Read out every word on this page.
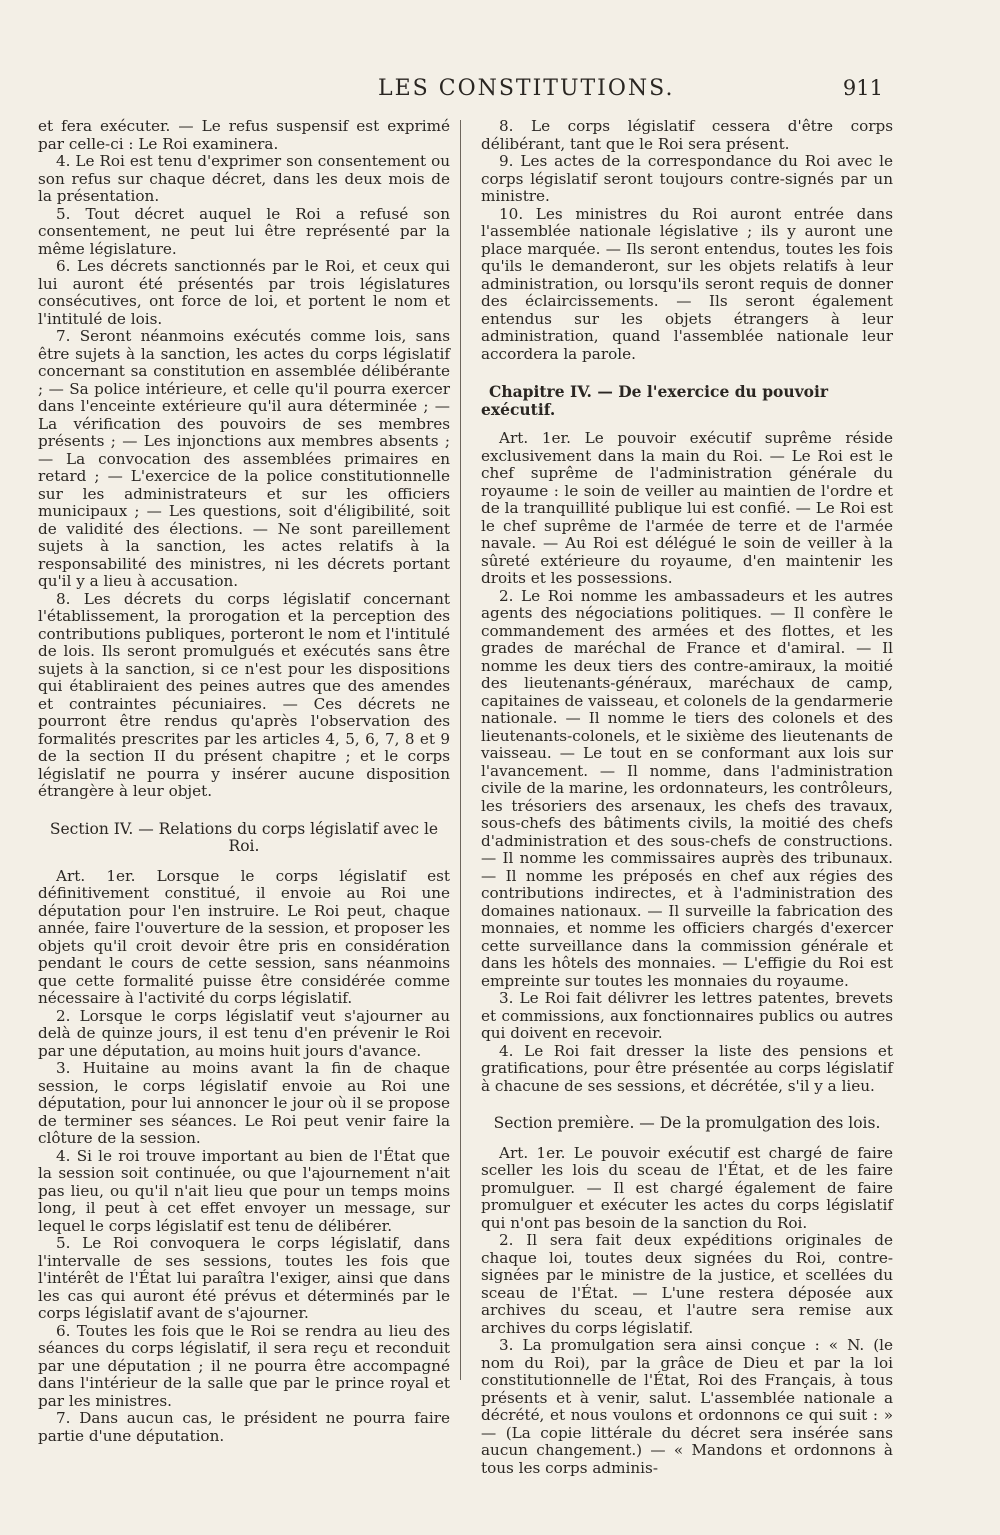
LES CONSTITUTIONS.	911

et fera exécuter. — Le refus suspensif est exprimé par celle-ci : Le Roi examinera.

4. Le Roi est tenu d'exprimer son consentement ou son refus sur chaque décret, dans les deux mois de la présentation.

5. Tout décret auquel le Roi a refusé son consentement, ne peut lui être représenté par la même législature.

6. Les décrets sanctionnés par le Roi, et ceux qui lui auront été présentés par trois législatures consécutives, ont force de loi, et portent le nom et l'intitulé de lois.

7. Seront néanmoins exécutés comme lois, sans être sujets à la sanction, les actes du corps législatif concernant sa constitution en assemblée délibérante ; — Sa police intérieure, et celle qu'il pourra exercer dans l'enceinte extérieure qu'il aura déterminée ; — La vérification des pouvoirs de ses membres présents ; — Les injonctions aux membres absents ; — La convocation des assemblées primaires en retard ; — L'exercice de la police constitutionnelle sur les administrateurs et sur les officiers municipaux ; — Les questions, soit d'éligibilité, soit de validité des élections. — Ne sont pareillement sujets à la sanction, les actes relatifs à la responsabilité des ministres, ni les décrets portant qu'il y a lieu à accusation.

8. Les décrets du corps législatif concernant l'établissement, la prorogation et la perception des contributions publiques, porteront le nom et l'intitulé de lois. Ils seront promulgués et exécutés sans être sujets à la sanction, si ce n'est pour les dispositions qui établiraient des peines autres que des amendes et contraintes pécuniaires. — Ces décrets ne pourront être rendus qu'après l'observation des formalités prescrites par les articles 4, 5, 6, 7, 8 et 9 de la section II du présent chapitre ; et le corps législatif ne pourra y insérer aucune disposition étrangère à leur objet.

Section IV. — Relations du corps législatif avec le Roi.

Art. 1er. Lorsque le corps législatif est définitivement constitué, il envoie au Roi une députation pour l'en instruire. Le Roi peut, chaque année, faire l'ouverture de la session, et proposer les objets qu'il croit devoir être pris en considération pendant le cours de cette session, sans néanmoins que cette formalité puisse être considérée comme nécessaire à l'activité du corps législatif.

2. Lorsque le corps législatif veut s'ajourner au delà de quinze jours, il est tenu d'en prévenir le Roi par une députation, au moins huit jours d'avance.

3. Huitaine au moins avant la fin de chaque session, le corps législatif envoie au Roi une députation, pour lui annoncer le jour où il se propose de terminer ses séances. Le Roi peut venir faire la clôture de la session.

4. Si le roi trouve important au bien de l'État que la session soit continuée, ou que l'ajournement n'ait pas lieu, ou qu'il n'ait lieu que pour un temps moins long, il peut à cet effet envoyer un message, sur lequel le corps législatif est tenu de délibérer.

5. Le Roi convoquera le corps législatif, dans l'intervalle de ses sessions, toutes les fois que l'intérêt de l'État lui paraîtra l'exiger, ainsi que dans les cas qui auront été prévus et déterminés par le corps législatif avant de s'ajourner.

6. Toutes les fois que le Roi se rendra au lieu des séances du corps législatif, il sera reçu et reconduit par une députation ; il ne pourra être accompagné dans l'intérieur de la salle que par le prince royal et par les ministres.

7. Dans aucun cas, le président ne pourra faire partie d'une députation.

8. Le corps législatif cessera d'être corps délibérant, tant que le Roi sera présent.

9. Les actes de la correspondance du Roi avec le corps législatif seront toujours contre-signés par un ministre.

10. Les ministres du Roi auront entrée dans l'assemblée nationale législative ; ils y auront une place marquée. — Ils seront entendus, toutes les fois qu'ils le demanderont, sur les objets relatifs à leur administration, ou lorsqu'ils seront requis de donner des éclaircissements. — Ils seront également entendus sur les objets étrangers à leur administration, quand l'assemblée nationale leur accordera la parole.

Chapitre IV. — De l'exercice du pouvoir exécutif.

Art. 1er. Le pouvoir exécutif suprême réside exclusivement dans la main du Roi. — Le Roi est le chef suprême de l'administration générale du royaume : le soin de veiller au maintien de l'ordre et de la tranquillité publique lui est confié. — Le Roi est le chef suprême de l'armée de terre et de l'armée navale. — Au Roi est délégué le soin de veiller à la sûreté extérieure du royaume, d'en maintenir les droits et les possessions.

2. Le Roi nomme les ambassadeurs et les autres agents des négociations politiques. — Il confère le commandement des armées et des flottes, et les grades de maréchal de France et d'amiral. — Il nomme les deux tiers des contre-amiraux, la moitié des lieutenants-généraux, maréchaux de camp, capitaines de vaisseau, et colonels de la gendarmerie nationale. — Il nomme le tiers des colonels et des lieutenants-colonels, et le sixième des lieutenants de vaisseau. — Le tout en se conformant aux lois sur l'avancement. — Il nomme, dans l'administration civile de la marine, les ordonnateurs, les contrôleurs, les trésoriers des arsenaux, les chefs des travaux, sous-chefs des bâtiments civils, la moitié des chefs d'administration et des sous-chefs de constructions. — Il nomme les commissaires auprès des tribunaux. — Il nomme les préposés en chef aux régies des contributions indirectes, et à l'administration des domaines nationaux. — Il surveille la fabrication des monnaies, et nomme les officiers chargés d'exercer cette surveillance dans la commission générale et dans les hôtels des monnaies. — L'effigie du Roi est empreinte sur toutes les monnaies du royaume.

3. Le Roi fait délivrer les lettres patentes, brevets et commissions, aux fonctionnaires publics ou autres qui doivent en recevoir.

4. Le Roi fait dresser la liste des pensions et gratifications, pour être présentée au corps législatif à chacune de ses sessions, et décrétée, s'il y a lieu.

Section première. — De la promulgation des lois.

Art. 1er. Le pouvoir exécutif est chargé de faire sceller les lois du sceau de l'État, et de les faire promulguer. — Il est chargé également de faire promulguer et exécuter les actes du corps législatif qui n'ont pas besoin de la sanction du Roi.

2. Il sera fait deux expéditions originales de chaque loi, toutes deux signées du Roi, contre-signées par le ministre de la justice, et scellées du sceau de l'État. — L'une restera déposée aux archives du sceau, et l'autre sera remise aux archives du corps législatif.

3. La promulgation sera ainsi conçue : « N. (le nom du Roi), par la grâce de Dieu et par la loi constitutionnelle de l'État, Roi des Français, à tous présents et à venir, salut. L'assemblée nationale a décrété, et nous voulons et ordonnons ce qui suit : » — (La copie littérale du décret sera insérée sans aucun changement.) — « Mandons et ordonnons à tous les corps adminis-
